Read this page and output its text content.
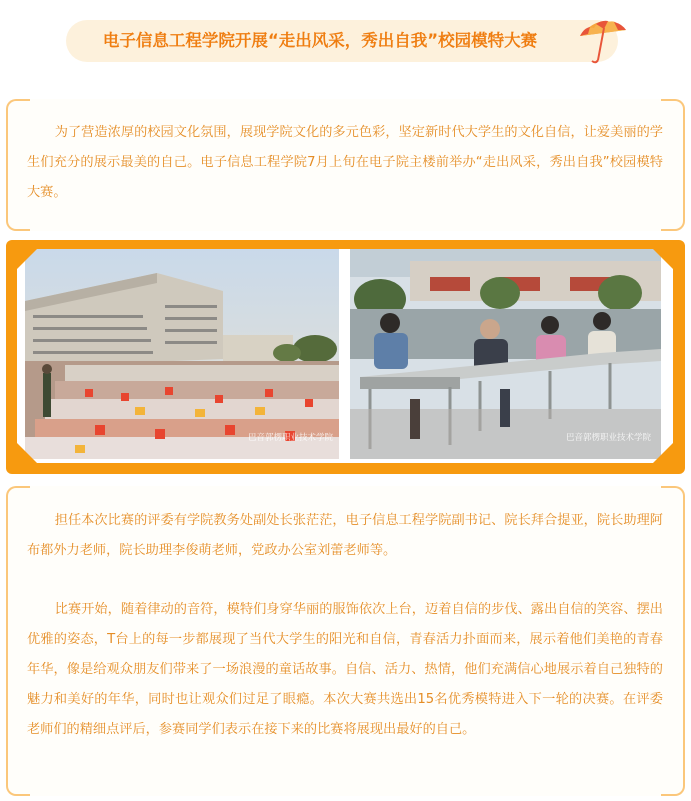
电子信息工程学院开展“走出风采，秀出自我”校园模特大赛

为了营造浓厚的校园文化氛围，展现学院文化的多元色彩，坚定新时代大学生的文化自信，让爱美丽的学生们充分的展示最美的自己。电子信息工程学院7月上旬在电子院主楼前举办“走出风采，秀出自我”校园模特大赛。

巴音郭楞职业技术学院	巴音郭楞职业技术学院

担任本次比赛的评委有学院教务处副处长张茫茫，电子信息工程学院副书记、院长拜合提亚，院长助理阿布都外力老师，院长助理李俊萌老师，党政办公室刘蕾老师等。

比赛开始，随着律动的音符，模特们身穿华丽的服饰依次上台，迈着自信的步伐、露出自信的笑容、摆出优雅的姿态，T台上的每一步都展现了当代大学生的阳光和自信，青春活力扑面而来，展示着他们美艳的青春年华，像是给观众朋友们带来了一场浪漫的童话故事。自信、活力、热情，他们充满信心地展示着自己独特的魅力和美好的年华，同时也让观众们过足了眼瘾。本次大赛共选出15名优秀模特进入下一轮的决赛。在评委老师们的精细点评后，参赛同学们表示在接下来的比赛将展现出最好的自己。
